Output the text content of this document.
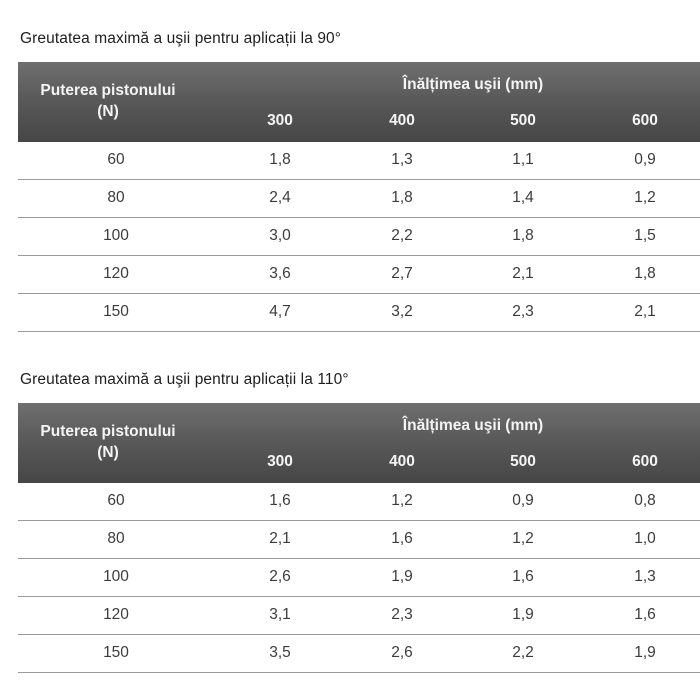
Greutatea maximă a uşii pentru aplicații la 90°
Puterea pistonului
(N)
Înălțimea uşii (mm)
300	400	500	600
60	1,8	1,3	1,1	0,9
80	2,4	1,8	1,4	1,2
100	3,0	2,2	1,8	1,5
120	3,6	2,7	2,1	1,8
150	4,7	3,2	2,3	2,1
Greutatea maximă a uşii pentru aplicații la 110°
Puterea pistonului
(N)
Înălțimea uşii (mm)
300	400	500	600
60	1,6	1,2	0,9	0,8
80	2,1	1,6	1,2	1,0
100	2,6	1,9	1,6	1,3
120	3,1	2,3	1,9	1,6
150	3,5	2,6	2,2	1,9
